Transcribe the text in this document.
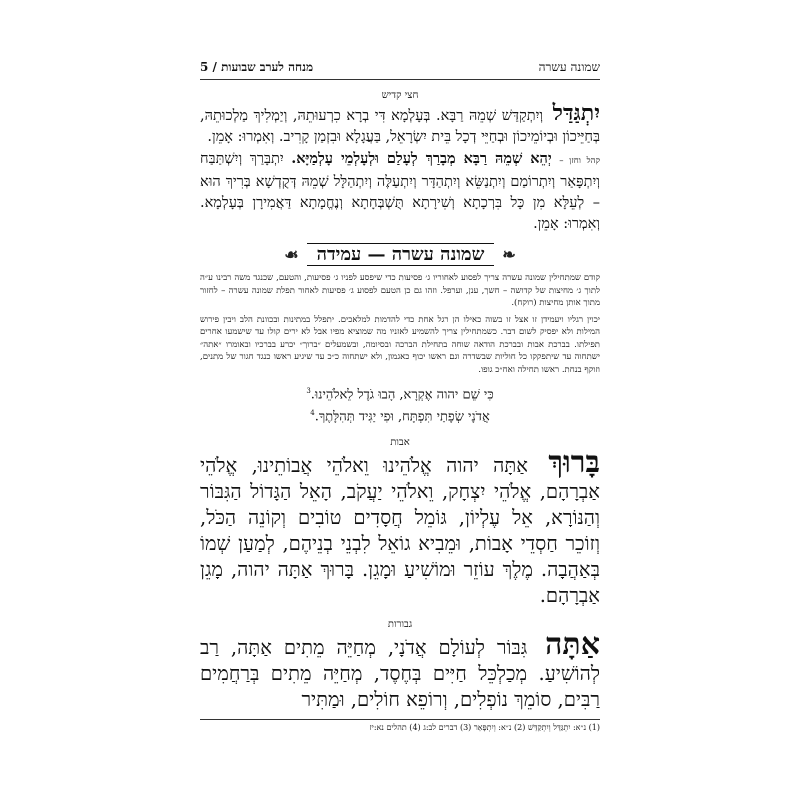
שמונה עשרה
מנחה לערב שבועות / 5
חצי קדיש
יִתְגַּדַּל וְיִתְקַדַּשׁ שְׁמֵהּ רַבָּא. בְּעָלְמָא דִּי בְרָא כִרְעוּתֵהּ, וְיַמְלִיךְ מַלְכוּתֵהּ, בְּחַיֵּיכוֹן וּבְיוֹמֵיכוֹן וּבְחַיֵּי דְכָל בֵּית יִשְׂרָאֵל, בַּעֲגָלָא וּבִזְמַן קָרִיב. וְאִמְרוּ: אָמֵן.
קהל וחזן – יְהֵא שְׁמֵהּ רַבָּא מְבָרַךְ לְעָלַם וּלְעָלְמֵי עָלְמַיָּא. יִתְבָּרַךְ וְיִשְׁתַּבַּח וְיִתְפָּאַר וְיִתְרוֹמַם וְיִתְנַשֵּׂא וְיִתְהַדָּר וְיִתְעַלֶּה וְיִתְהַלָּל שְׁמֵהּ דְּקֻדְשָׁא בְּרִיךְ הוּא – לְעֵלָּא מִן כָּל בִּרְכָתָא וְשִׁירָתָא תֻּשְׁבְּחָתָא וְנֶחֱמָתָא דַּאֲמִירָן בְּעָלְמָא. וְאִמְרוּ: אָמֵן.
❧
שמונה עשרה — עמידה
☙

קודם שמתחילין שמונה עשרה צריך לפסוע לאחוריו ג׳ פסיעות כדי שיפסע לפניו ג׳ פסיעות, והטעם, שכנגד משה רבינו ע״ה לתוך ג׳ מחיצות של קדושה – חשך, ענן, וערפל. וזהו גם כן הטעם לפסוע ג׳ פסיעות לאחור תפלת שמונה עשרה – לחזור מתוך אותן מחיצות (רוקח).

יכוין רגליו ויעמידן זו אצל זו בשוה כאילו הן רגל אחת כדי להדמות למלאכים. יתפלל במתינות ובכוונת הלב ויבין פירוש המילות ולא יפסיק לשום דבר. כשמתחילין צריך להשמיע לאזניו מה שמוציא מפיו אבל לא ירים קולו עד שישמעו אחרים תפילתו. בברכת אבות ובברכת הודאה שוחה בתחילת הברכה ובסיומה, ובשמעלים ״ברוך״ יכרע בברכיו ובאומרו ״אתה״ ישתחוה עד שיתפקקו כל חוליות שבשדרה וגם ראשו יכוף כאגמון, ולא ישתחוה כ״כ עד שיגיע ראשו כנגד חגור של מתנים, וזוקף בנחת. ראשו תחילה ואח״כ גופו.

כִּי שֵׁם יהוה אֶקְרָא, הָבוּ גֹדֶל לֵאלֹהֵינוּ.$^3$
אֲדֹנָי שְׂפָתַי תִּפְתָּח, וּפִי יַגִּיד תְּהִלָּתֶךָ.$^4$
אבות
בָּרוּךְ אַתָּה יהוה אֱלֹהֵינוּ וֵאלֹהֵי אֲבוֹתֵינוּ, אֱלֹהֵי אַבְרָהָם, אֱלֹהֵי יִצְחָק, וֵאלֹהֵי יַעֲקֹב, הָאֵל הַגָּדוֹל הַגִּבּוֹר וְהַנּוֹרָא, אֵל עֶלְיוֹן, גּוֹמֵל חֲסָדִים טוֹבִים וְקוֹנֵה הַכֹּל, וְזוֹכֵר חַסְדֵי אָבוֹת, וּמֵבִיא גוֹאֵל לִבְנֵי בְנֵיהֶם, לְמַעַן שְׁמוֹ בְּאַהֲבָה. מֶלֶךְ עוֹזֵר וּמוֹשִׁיעַ וּמָגֵן. בָּרוּךְ אַתָּה יהוה, מָגֵן אַבְרָהָם.
גבורות
אַתָּה גִּבּוֹר לְעוֹלָם אֲדֹנָי, מְחַיֵּה מֵתִים אַתָּה, רַב לְהוֹשִׁיעַ. מְכַלְכֵּל חַיִּים בְּחֶסֶד, מְחַיֵּה מֵתִים בְּרַחֲמִים רַבִּים, סוֹמֵךְ נוֹפְלִים, וְרוֹפֵא חוֹלִים, וּמַתִּיר
(1) נ״א: יִתְגַּדֵּל וְיִתְקַדֵּשׁ (2) נ״א: וְיִתְפָּאֵר (3) דברים לב:ג (4) תהלים נא:יז
